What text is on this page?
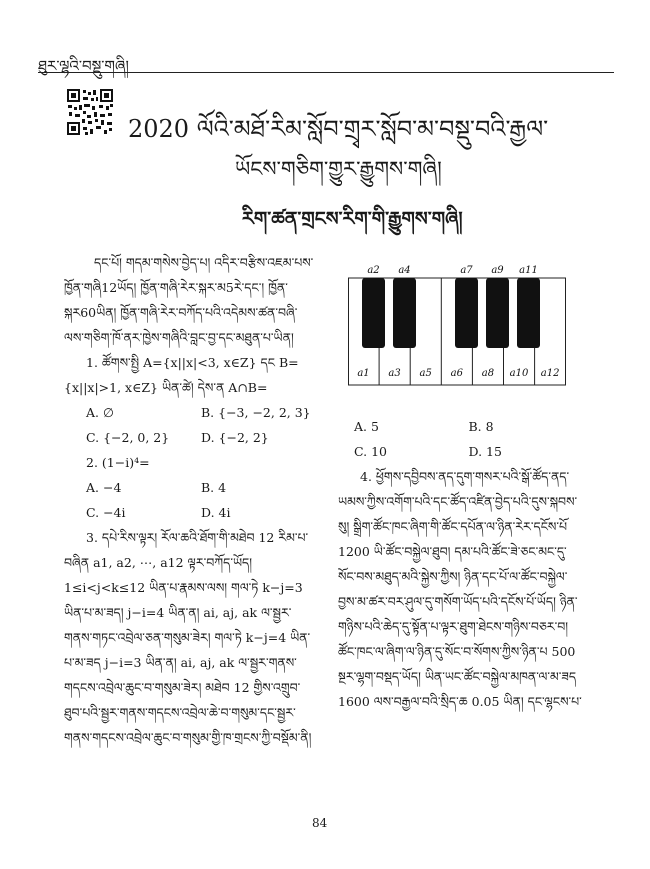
ཐུར་ལྷའི་བསྡུ་གཞི།
2020 ལོའི་མཐོ་རིམ་སློབ་གྲྭར་སློབ་མ་བསྡུ་བའི་རྒྱལ་
ཡོངས་གཅིག་གྱུར་རྒྱུགས་གཞི།
རིག་ཚན་གྲངས་རིག་གི་རྒྱུགས་གཞི།

དང་པོ། གདམ་གསེས་བྱེད་པ། འདིར་བརྩིས་འཇམ་པས་ཁྱོན་གཞི12ཡོད། ཁྱོན་གཞི་རེར་སྐར་མ5རེ་དང་། ཁྱོན་སྐར60ཡིན། ཁྱོན་གཞི་རེར་བཀོད་པའི་འདེམས་ཚན་བཞི་ལས་གཅིག་ཁོ་ནར་ཁྱེས་གཞིའི་བླང་བྱ་དང་མཐུན་པ་ཡིན།

1. ཚོགས་སྤྱི A={x||x|<3, x∈Z} དང B={x||x|>1, x∈Z} ཡིན་ཚེ། དེས་ན A∩B=

A. ∅	B. {−3, −2, 2, 3}
C. {−2, 0, 2}	D. {−2, 2}

2. (1−i)⁴=

A. −4	B. 4
C. −4i	D. 4i

3. དཔེ་རིས་ལྟར། རོལ་ཆའི་ཐོག་གི་མཐེབ 12 རིམ་པ་བཞིན a1, a2, ⋯, a12 ལྟར་བཀོད་ཡོད། 1≤i<j<k≤12 ཡིན་པ་རྣམས་ལས། གལ་ཏེ k−j=3 ཡིན་པ་མ་ཟད། j−i=4 ཡིན་ན། ai, aj, ak ལ་སྦྱར་གནས་གཏང་འབྲེལ་ཅན་གསུམ་ཟེར། གལ་ཏེ k−j=4 ཡིན་པ་མ་ཟད j−i=3 ཡིན་ན། ai, aj, ak ལ་སྦྱར་གནས་གདངས་འབྲེལ་ཆུང་བ་གསུམ་ཟེར། མཐེབ 12 གྱིས་འགྲུབ་ཐུབ་པའི་སྦྱར་གནས་གདངས་འབྲེལ་ཆེ་བ་གསུམ་དང་སྦྱར་གནས་གདངས་འབྲེལ་ཆུང་བ་གསུམ་གྱི་ཁ་གྲངས་ཀྱི་བསྡོམ་ནི།

a2 a4	a7 a9 a11
a1 a3 a5 a6 a8 a10 a12
A. 5	B. 8
C. 10	D. 15

4. ཕྱོགས་དབྱིབས་ནད་དུག་གསར་པའི་སྒོ་ཚོད་ནད་ཡམས་ཀྱིས་འགོག་པའི་དང་ཚོད་འཛིན་བྱེད་པའི་དུས་སྐབས་སུ། སྒྲིག་ཚོང་ཁང་ཞིག་གི་ཚོང་དཔོན་ལ་ཉིན་རེར་དངོས་པོ 1200 ཡི་ཚོང་བསྐྱེལ་ཐུབ། དམ་པའི་ཚོང་ཟེ་ཅང་མང་དུ་སོང་བས་མཐུད་མའི་སྐྱེས་ཀྱིས། ཉིན་དང་པོ་ལ་ཚོང་བསྐྱེལ་བྱས་མ་ཚར་བར་ཤུལ་དུ་གསོག་ཡོད་པའི་དངོས་པོ་ཡོད། ཉིན་གཉིས་པའི་ཆེད་དུ་སྟོན་པ་ལྟར་ཐུག་ཐེངས་གཉིས་བཅར་བ། ཚོང་ཁང་ལ་ཞིག་ལ་ཉིན་དུ་སོང་བ་སོགས་ཀྱིས་ཉིན་པ 500 སྔར་ལྷག་བསྡད་ཡོད། ཡིན་ཡང་ཚོང་བསྐྱེལ་མཁན་ལ་མ་ཟད 1600 ལས་བརྒྱལ་བའི་སྲིད་ཆ 0.05 ཡིན། དང་ལྷངས་པ་

84
